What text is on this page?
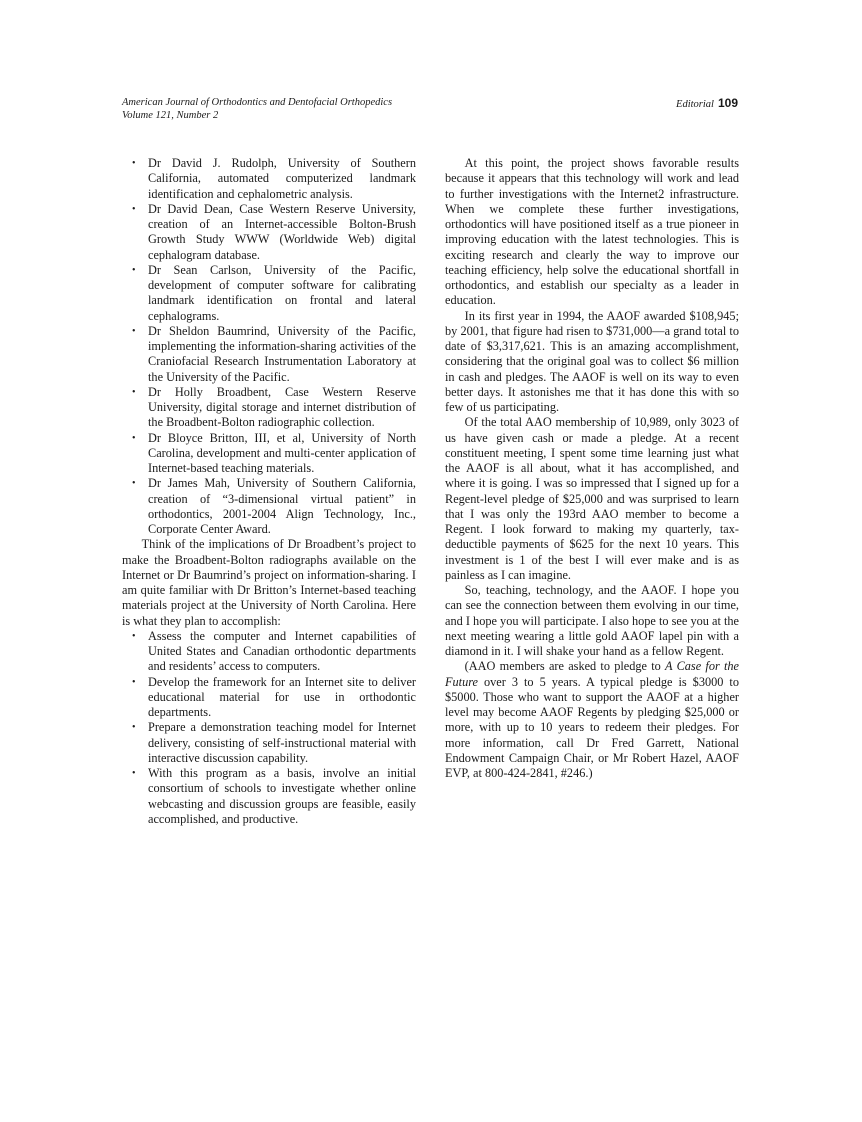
American Journal of Orthodontics and Dentofacial Orthopedics
Volume 121, Number 2
Editorial 109
• Dr David J. Rudolph, University of Southern California, automated computerized landmark identification and cephalometric analysis.
• Dr David Dean, Case Western Reserve University, creation of an Internet-accessible Bolton-Brush Growth Study WWW (Worldwide Web) digital cephalogram database.
• Dr Sean Carlson, University of the Pacific, development of computer software for calibrating landmark identification on frontal and lateral cephalograms.
• Dr Sheldon Baumrind, University of the Pacific, implementing the information-sharing activities of the Craniofacial Research Instrumentation Laboratory at the University of the Pacific.
• Dr Holly Broadbent, Case Western Reserve University, digital storage and internet distribution of the Broadbent-Bolton radiographic collection.
• Dr Bloyce Britton, III, et al, University of North Carolina, development and multi-center application of Internet-based teaching materials.
• Dr James Mah, University of Southern California, creation of “3-dimensional virtual patient” in orthodontics, 2001-2004 Align Technology, Inc., Corporate Center Award.

Think of the implications of Dr Broadbent’s project to make the Broadbent-Bolton radiographs available on the Internet or Dr Baumrind’s project on information-sharing. I am quite familiar with Dr Britton’s Internet-based teaching materials project at the University of North Carolina. Here is what they plan to accomplish:

• Assess the computer and Internet capabilities of United States and Canadian orthodontic departments and residents’ access to computers.
• Develop the framework for an Internet site to deliver educational material for use in orthodontic departments.
• Prepare a demonstration teaching model for Internet delivery, consisting of self-instructional material with interactive discussion capability.
• With this program as a basis, involve an initial consortium of schools to investigate whether online webcasting and discussion groups are feasible, easily accomplished, and productive.

At this point, the project shows favorable results because it appears that this technology will work and lead to further investigations with the Internet2 infrastructure. When we complete these further investigations, orthodontics will have positioned itself as a true pioneer in improving education with the latest technologies. This is exciting research and clearly the way to improve our teaching efficiency, help solve the educational shortfall in orthodontics, and establish our specialty as a leader in education.

In its first year in 1994, the AAOF awarded $108,945; by 2001, that figure had risen to $731,000—a grand total to date of $3,317,621. This is an amazing accomplishment, considering that the original goal was to collect $6 million in cash and pledges. The AAOF is well on its way to even better days. It astonishes me that it has done this with so few of us participating.

Of the total AAO membership of 10,989, only 3023 of us have given cash or made a pledge. At a recent constituent meeting, I spent some time learning just what the AAOF is all about, what it has accomplished, and where it is going. I was so impressed that I signed up for a Regent-level pledge of $25,000 and was surprised to learn that I was only the 193rd AAO member to become a Regent. I look forward to making my quarterly, tax-deductible payments of $625 for the next 10 years. This investment is 1 of the best I will ever make and is as painless as I can imagine.

So, teaching, technology, and the AAOF. I hope you can see the connection between them evolving in our time, and I hope you will participate. I also hope to see you at the next meeting wearing a little gold AAOF lapel pin with a diamond in it. I will shake your hand as a fellow Regent.

(AAO members are asked to pledge to A Case for the Future over 3 to 5 years. A typical pledge is $3000 to $5000. Those who want to support the AAOF at a higher level may become AAOF Regents by pledging $25,000 or more, with up to 10 years to redeem their pledges. For more information, call Dr Fred Garrett, National Endowment Campaign Chair, or Mr Robert Hazel, AAOF EVP, at 800-424-2841, #246.)
